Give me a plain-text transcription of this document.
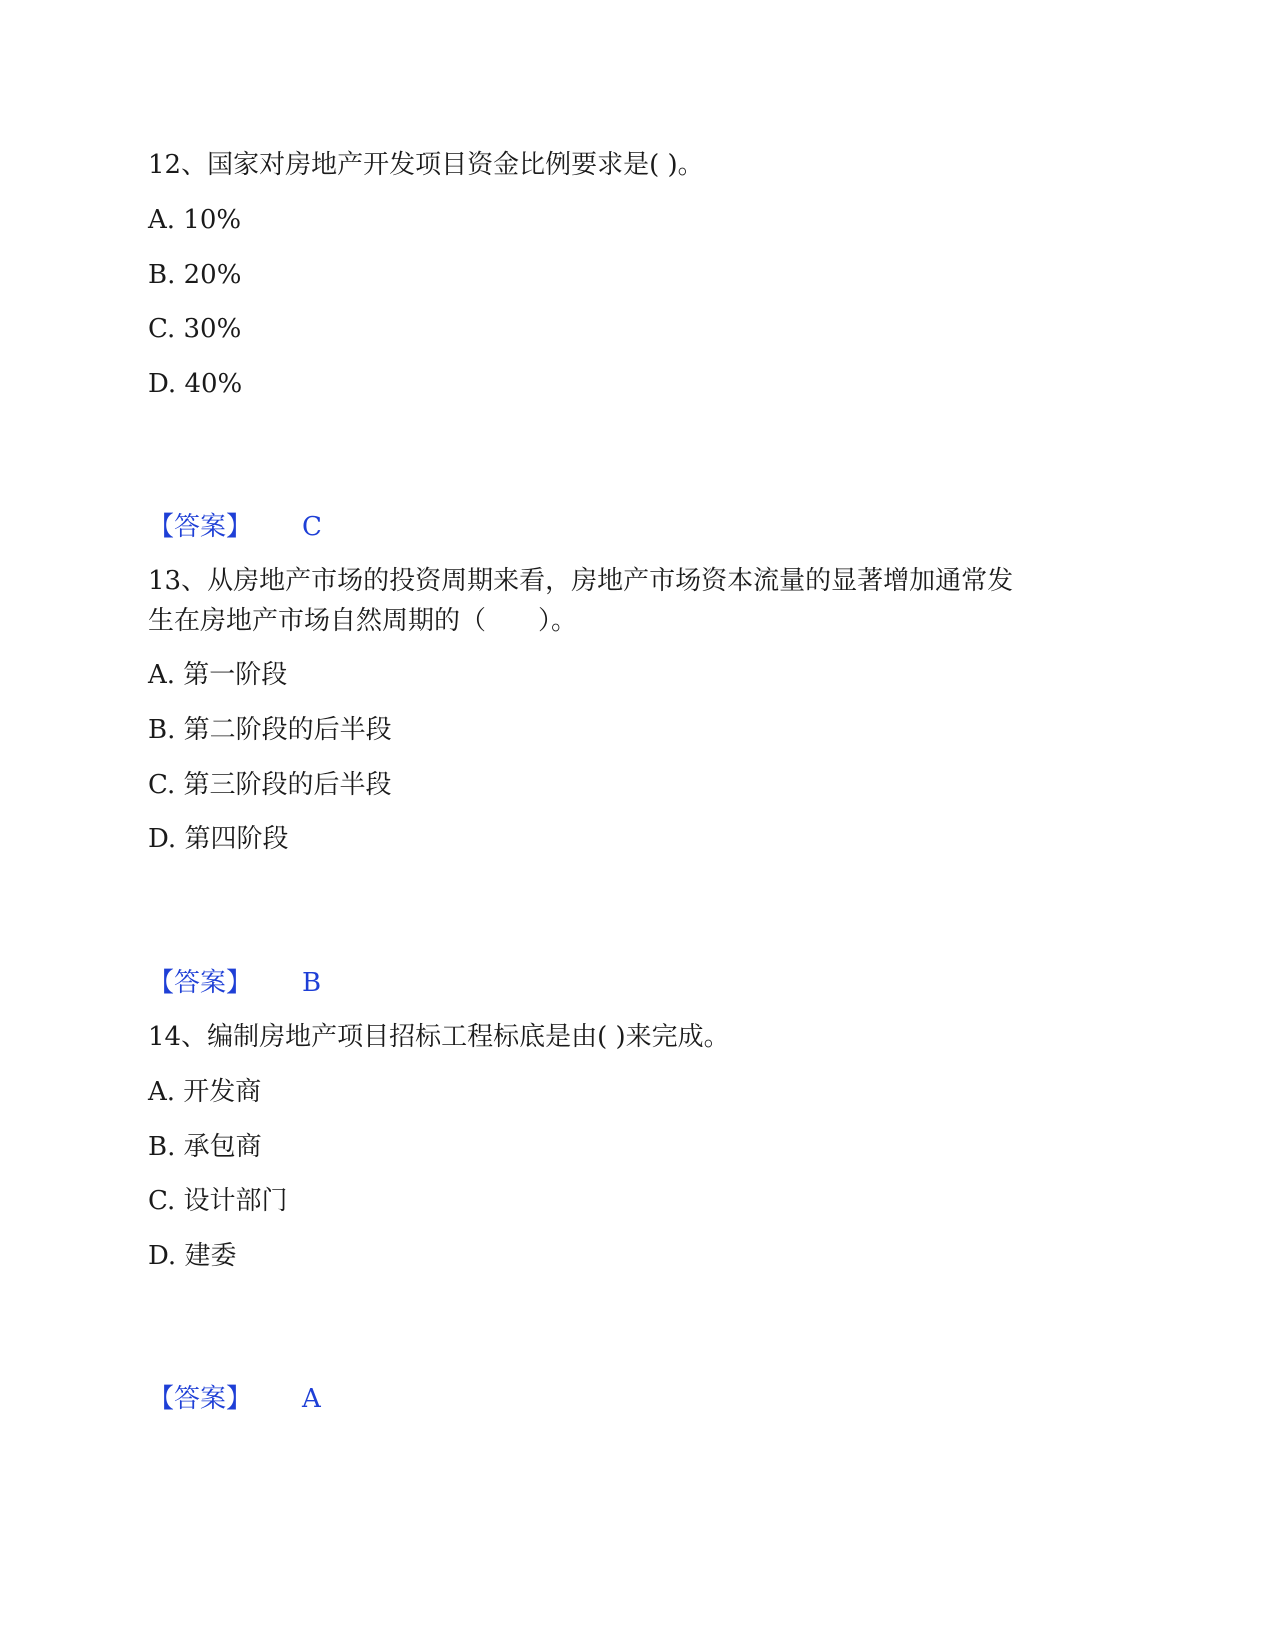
12、国家对房地产开发项目资金比例要求是( )。
A. 10%
B. 20%
C. 30%
D. 40%
【答案】 C
13、从房地产市场的投资周期来看，房地产市场资本流量的显著增加通常发
生在房地产市场自然周期的（　　）。
A. 第一阶段
B. 第二阶段的后半段
C. 第三阶段的后半段
D. 第四阶段
【答案】 B
14、编制房地产项目招标工程标底是由( )来完成。
A. 开发商
B. 承包商
C. 设计部门
D. 建委
【答案】 A
